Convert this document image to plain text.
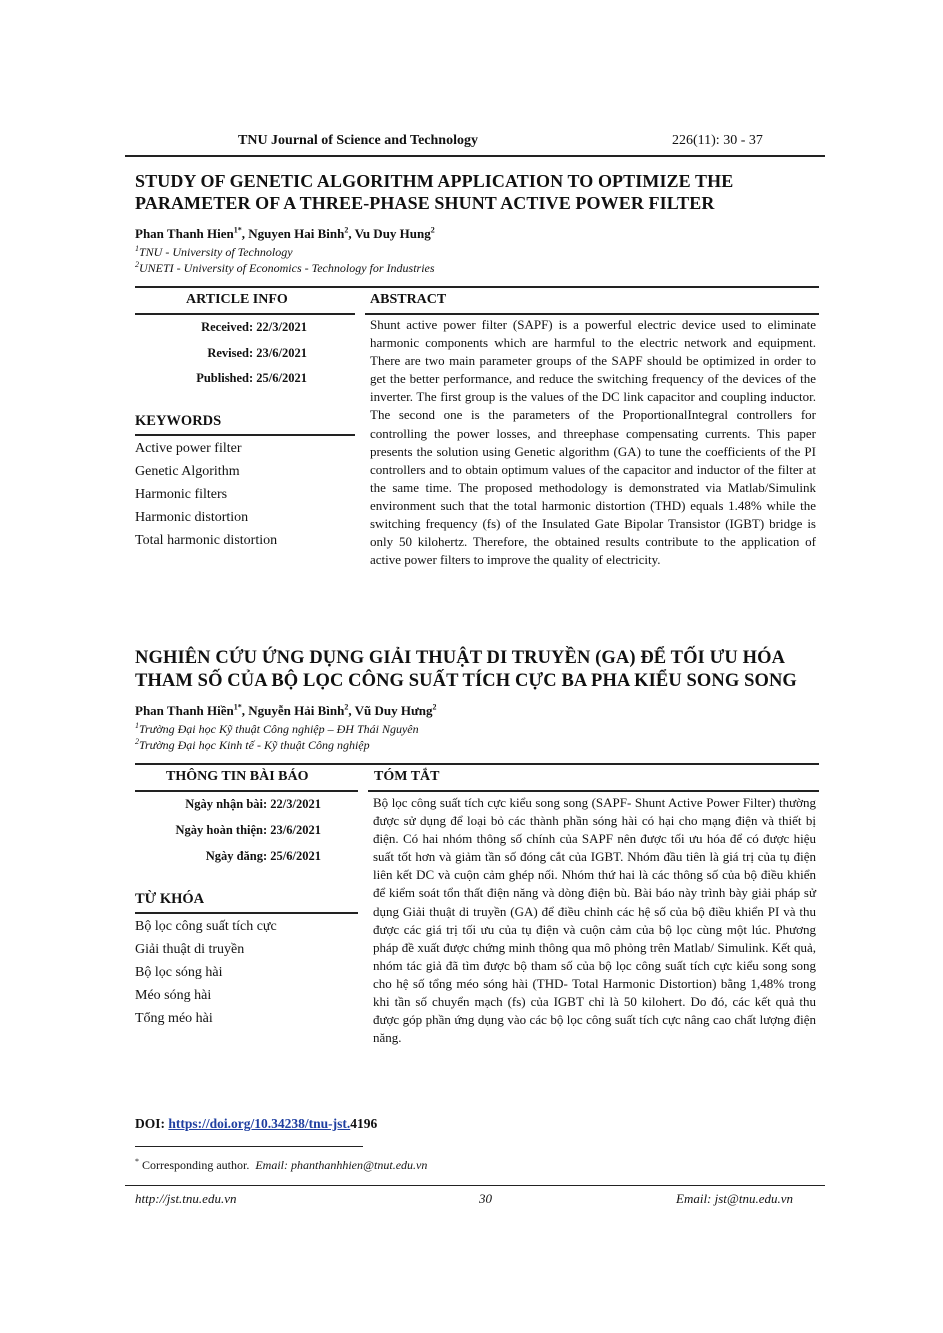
TNU Journal of Science and Technology	226(11): 30 - 37
STUDY OF GENETIC ALGORITHM APPLICATION TO OPTIMIZE THE
PARAMETER OF A THREE-PHASE SHUNT ACTIVE POWER FILTER
Phan Thanh Hien$^{1*}$, Nguyen Hai Binh$^2$, Vu Duy Hung$^2$
$^1$TNU - University of Technology
$^2$UNETI - University of Economics - Technology for Industries
ARTICLE INFO	ABSTRACT
Received: 22/3/2021
Revised: 23/6/2021
Published: 25/6/2021
KEYWORDS
Active power filter
Genetic Algorithm
Harmonic filters
Harmonic distortion
Total harmonic distortion
Shunt active power filter (SAPF) is a powerful electric device used to eliminate harmonic components which are harmful to the electric network and equipment. There are two main parameter groups of the SAPF should be optimized in order to get the better performance, and reduce the switching frequency of the devices of the inverter. The first group is the values of the DC link capacitor and coupling inductor. The second one is the parameters of the ProportionalIntegral controllers for controlling the power losses, and threephase compensating currents. This paper presents the solution using Genetic algorithm (GA) to tune the coefficients of the PI controllers and to obtain optimum values of the capacitor and inductor of the filter at the same time. The proposed methodology is demonstrated via Matlab/Simulink environment such that the total harmonic distortion (THD) equals 1.48% while the switching frequency (fs) of the Insulated Gate Bipolar Transistor (IGBT) bridge is only 50 kilohertz. Therefore, the obtained results contribute to the application of active power filters to improve the quality of electricity.
NGHIÊN CỨU ỨNG DỤNG GIẢI THUẬT DI TRUYỀN (GA) ĐỂ TỐI ƯU HÓA
THAM SỐ CỦA BỘ LỌC CÔNG SUẤT TÍCH CỰC BA PHA KIỂU SONG SONG
Phan Thanh Hiền$^{1*}$, Nguyễn Hải Bình$^2$, Vũ Duy Hưng$^2$
$^1$Trường Đại học Kỹ thuật Công nghiệp – ĐH Thái Nguyên
$^2$Trường Đại học Kinh tế - Kỹ thuật Công nghiệp
THÔNG TIN BÀI BÁO	TÓM TẮT
Ngày nhận bài: 22/3/2021
Ngày hoàn thiện: 23/6/2021
Ngày đăng: 25/6/2021
TỪ KHÓA
Bộ lọc công suất tích cực
Giải thuật di truyền
Bộ lọc sóng hài
Méo sóng hài
Tổng méo hài
Bộ lọc công suất tích cực kiểu song song (SAPF- Shunt Active Power Filter) thường được sử dụng để loại bỏ các thành phần sóng hài có hại cho mạng điện và thiết bị điện. Có hai nhóm thông số chính của SAPF nên được tối ưu hóa để có được hiệu suất tốt hơn và giảm tần số đóng cắt của IGBT. Nhóm đầu tiên là giá trị của tụ điện liên kết DC và cuộn cảm ghép nối. Nhóm thứ hai là các thông số của bộ điều khiển để kiểm soát tổn thất điện năng và dòng điện bù. Bài báo này trình bày giải pháp sử dụng Giải thuật di truyền (GA) để điều chỉnh các hệ số của bộ điều khiển PI và thu được các giá trị tối ưu của tụ điện và cuộn cảm của bộ lọc cùng một lúc. Phương pháp đề xuất được chứng minh thông qua mô phỏng trên Matlab/ Simulink. Kết quả, nhóm tác giả đã tìm được bộ tham số của bộ lọc công suất tích cực kiểu song song cho hệ số tổng méo sóng hài (THD- Total Harmonic Distortion) bằng 1,48% trong khi tần số chuyển mạch (fs) của IGBT chỉ là 50 kilohert. Do đó, các kết quả thu được góp phần ứng dụng vào các bộ lọc công suất tích cực nâng cao chất lượng điện năng.
DOI: https://doi.org/10.34238/tnu-jst.4196
* Corresponding author. Email: phanthanhhien@tnut.edu.vn
http://jst.tnu.edu.vn	30	Email: jst@tnu.edu.vn
